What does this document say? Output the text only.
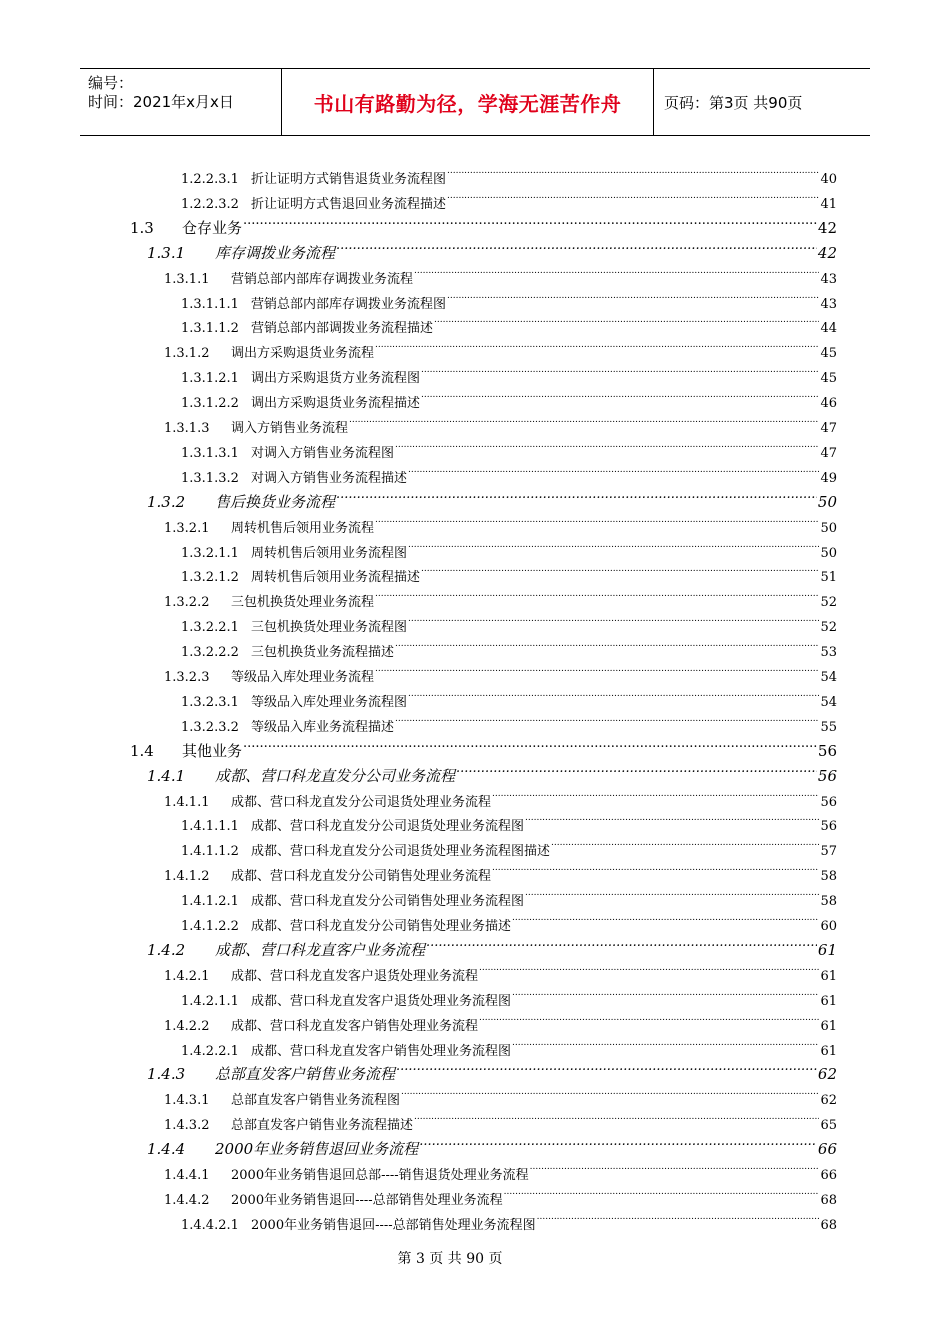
编号：
时间：2021年x月x日	书山有路勤为径，学海无涯苦作舟	页码：第3页 共90页
1.2.2.3.1 折让证明方式销售退货业务流程图 .....	40
1.2.2.3.2 折让证明方式售退回业务流程描述 .....	41
1.3	仓存业务 .....	42
1.3.1	库存调拨业务流程 .....	42
1.3.1.1	营销总部内部库存调拨业务流程 .....	43
1.3.1.1.1 营销总部内部库存调拨业务流程图 .....	43
1.3.1.1.2 营销总部内部调拨业务流程描述 .....	44
1.3.1.2	调出方采购退货业务流程 .....	45
1.3.1.2.1 调出方采购退货方业务流程图 .....	45
1.3.1.2.2 调出方采购退货业务流程描述 .....	46
1.3.1.3	调入方销售业务流程 .....	47
1.3.1.3.1 对调入方销售业务流程图 .....	47
1.3.1.3.2 对调入方销售业务流程描述 .....	49
1.3.2	售后换货业务流程 .....	50
1.3.2.1	周转机售后领用业务流程 .....	50
1.3.2.1.1 周转机售后领用业务流程图 .....	50
1.3.2.1.2 周转机售后领用业务流程描述 .....	51
1.3.2.2	三包机换货处理业务流程 .....	52
1.3.2.2.1 三包机换货处理业务流程图 .....	52
1.3.2.2.2 三包机换货业务流程描述 .....	53
1.3.2.3	等级品入库处理业务流程 .....	54
1.3.2.3.1 等级品入库处理业务流程图 .....	54
1.3.2.3.2 等级品入库业务流程描述 .....	55
1.4	其他业务 .....	56
1.4.1	成都、营口科龙直发分公司业务流程 .....	56
1.4.1.1	成都、营口科龙直发分公司退货处理业务流程 .....	56
1.4.1.1.1 成都、营口科龙直发分公司退货处理业务流程图 .....	56
1.4.1.1.2 成都、营口科龙直发分公司退货处理业务流程图描述 .....	57
1.4.1.2	成都、营口科龙直发分公司销售处理业务流程 .....	58
1.4.1.2.1 成都、营口科龙直发分公司销售处理业务流程图 .....	58
1.4.1.2.2 成都、营口科龙直发分公司销售处理业务描述 .....	60
1.4.2	成都、营口科龙直客户业务流程 .....	61
1.4.2.1	成都、营口科龙直发客户退货处理业务流程 .....	61
1.4.2.1.1 成都、营口科龙直发客户退货处理业务流程图 .....	61
1.4.2.2	成都、营口科龙直发客户销售处理业务流程 .....	61
1.4.2.2.1 成都、营口科龙直发客户销售处理业务流程图 .....	61
1.4.3	总部直发客户销售业务流程 .....	62
1.4.3.1	总部直发客户销售业务流程图 .....	62
1.4.3.2	总部直发客户销售业务流程描述 .....	65
1.4.4	2000年业务销售退回业务流程 .....	66
1.4.4.1	2000年业务销售退回总部----销售退货处理业务流程 .....	66
1.4.4.2	2000年业务销售退回----总部销售处理业务流程 .....	68
1.4.4.2.1 2000年业务销售退回----总部销售处理业务流程图 .....	68
第 3 页 共 90 页
